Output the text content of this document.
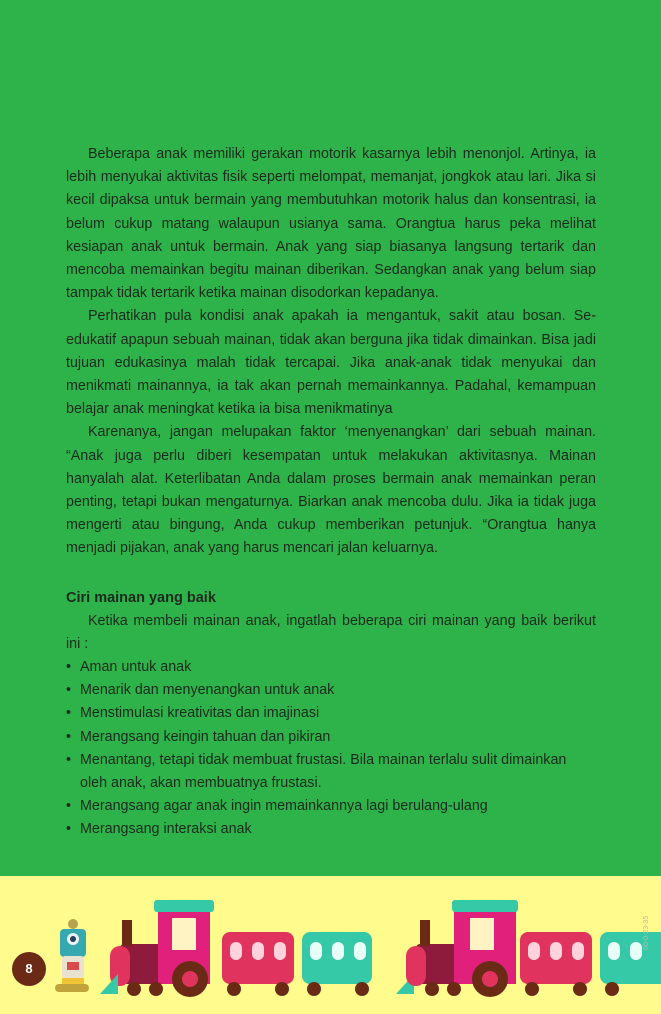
Beberapa anak memiliki gerakan motorik kasarnya lebih menonjol. Artinya, ia lebih menyukai aktivitas fisik seperti melompat, memanjat, jongkok atau lari. Jika si kecil dipaksa untuk bermain yang membutuhkan motorik halus dan konsentrasi, ia belum cukup matang walaupun usianya sama. Orangtua harus peka melihat kesiapan anak untuk bermain. Anak yang siap biasanya langsung tertarik dan mencoba memainkan begitu mainan diberikan. Sedangkan anak yang belum siap tampak tidak tertarik ketika mainan disodorkan kepadanya.

Perhatikan pula kondisi anak apakah ia mengantuk, sakit atau bosan. Se-edukatif apapun sebuah mainan, tidak akan berguna jika tidak dimainkan. Bisa jadi tujuan edukasinya malah tidak tercapai. Jika anak-anak tidak menyukai dan menikmati mainannya, ia tak akan pernah memainkannya. Padahal, kemampuan belajar anak meningkat ketika ia bisa menikmatinya

Karenanya, jangan melupakan faktor ‘menyenangkan’ dari sebuah mainan. “Anak juga perlu diberi kesempatan untuk melakukan aktivitasnya. Mainan hanyalah alat. Keterlibatan Anda dalam proses bermain anak memainkan peran penting, tetapi bukan mengaturnya. Biarkan anak mencoba dulu. Jika ia tidak juga mengerti atau bingung, Anda cukup memberikan petunjuk. “Orangtua hanya menjadi pijakan, anak yang harus mencari jalan keluarnya.

Ciri mainan yang baik

Ketika membeli mainan anak, ingatlah beberapa ciri mainan yang baik berikut ini :

• Aman untuk anak
• Menarik dan menyenangkan untuk anak
• Menstimulasi kreativitas dan imajinasi
• Merangsang keingin tahuan dan pikiran
• Menantang, tetapi tidak membuat frustasi. Bila mainan terlalu sulit dimainkan oleh anak, akan membuatnya frustasi.
• Merangsang agar anak ingin memainkannya lagi berulang-ulang
• Merangsang interaksi anak
8
00-0-23-35
